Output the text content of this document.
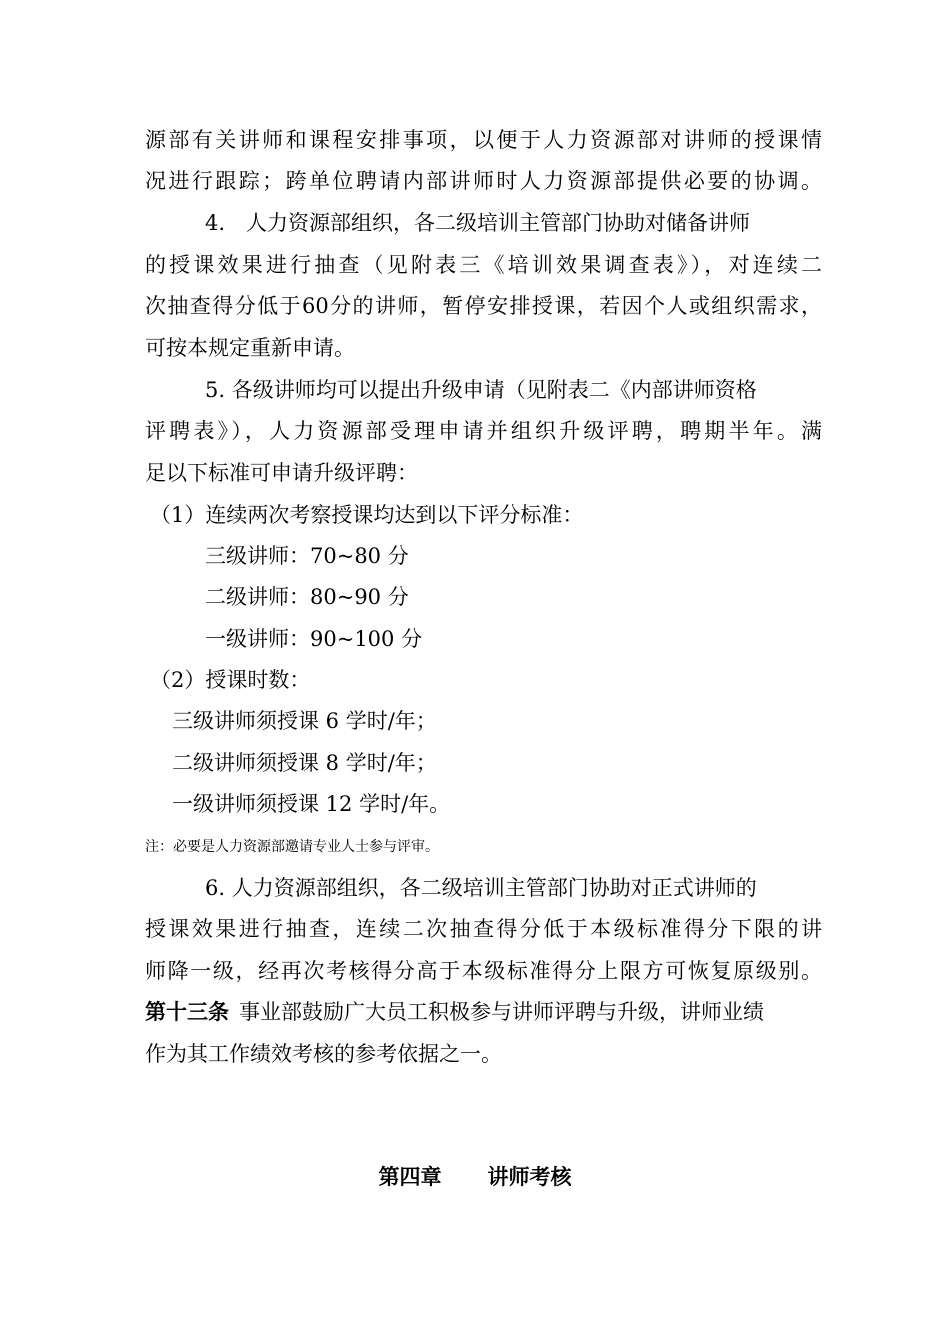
源部有关讲师和课程安排事项，以便于人力资源部对讲师的授课情
况进行跟踪；跨单位聘请内部讲师时人力资源部提供必要的协调。
4.　人力资源部组织，各二级培训主管部门协助对储备讲师
的授课效果进行抽查（见附表三《培训效果调查表》），对连续二
次抽查得分低于60分的讲师，暂停安排授课，若因个人或组织需求，
可按本规定重新申请。
5. 各级讲师均可以提出升级申请（见附表二《内部讲师资格
评聘表》），人力资源部受理申请并组织升级评聘，聘期半年。满
足以下标准可申请升级评聘：
（1）连续两次考察授课均达到以下评分标准：
三级讲师：70~80 分
二级讲师：80~90 分
一级讲师：90~100 分
（2）授课时数：
三级讲师须授课 6 学时/年；
二级讲师须授课 8 学时/年；
一级讲师须授课 12 学时/年。
注：必要是人力资源部邀请专业人士参与评审。
6. 人力资源部组织，各二级培训主管部门协助对正式讲师的
授课效果进行抽查，连续二次抽查得分低于本级标准得分下限的讲
师降一级，经再次考核得分高于本级标准得分上限方可恢复原级别。
第十三条 事业部鼓励广大员工积极参与讲师评聘与升级，讲师业绩
作为其工作绩效考核的参考依据之一。
第四章 讲师考核
